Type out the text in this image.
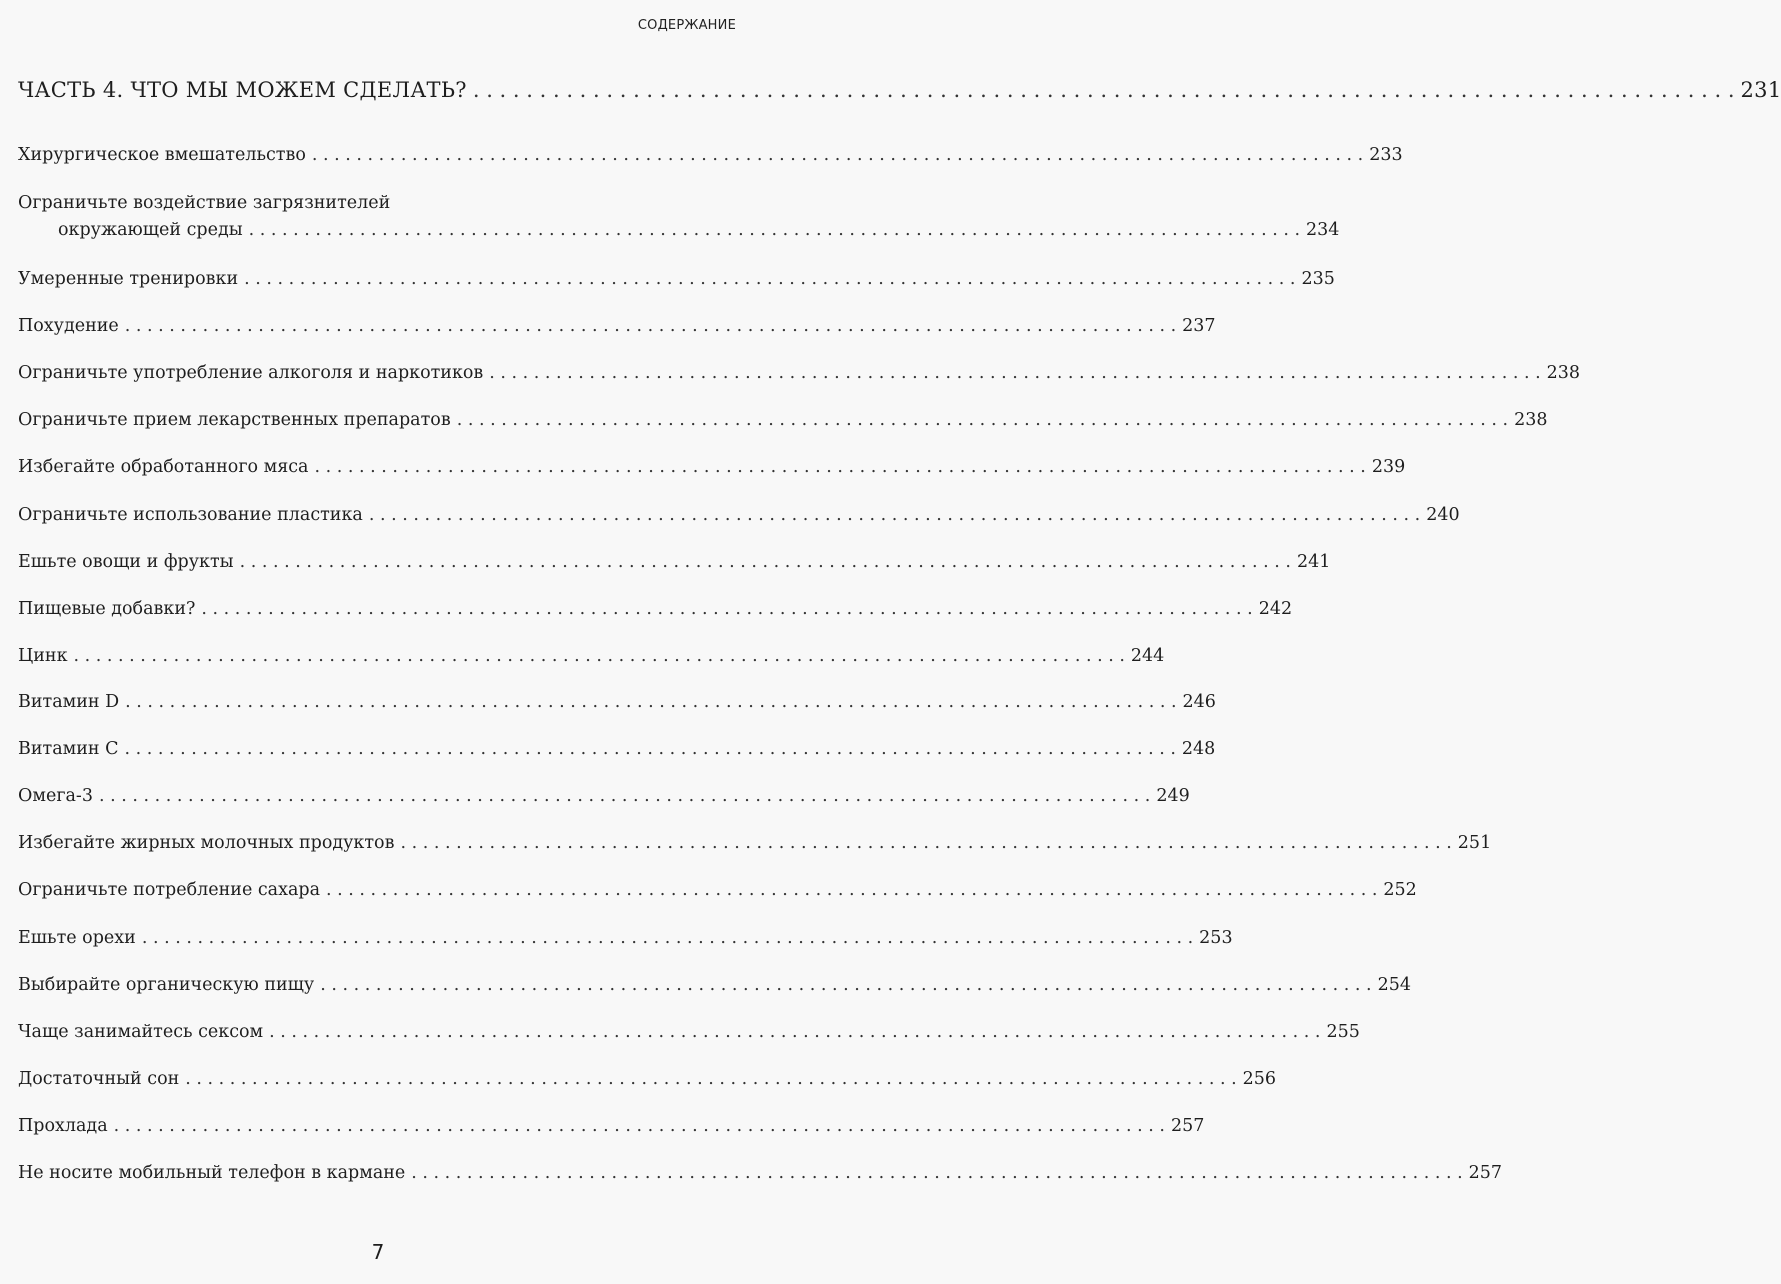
СОДЕРЖАНИЕ
ЧАСТЬ 4. ЧТО МЫ МОЖЕМ СДЕЛАТЬ? . . .	231
Хирургическое вмешательство . . .	233
Ограничьте воздействие загрязнителей
окружающей среды . . .	234
Умеренные тренировки . . .	235
Похудение . . .	237
Ограничьте употребление алкоголя и наркотиков . . .	238
Ограничьте прием лекарственных препаратов . . .	238
Избегайте обработанного мяса . . .	239
Ограничьте использование пластика . . .	240
Ешьте овощи и фрукты . . .	241
Пищевые добавки? . . .	242
Цинк . . .	244
Витамин D . . .	246
Витамин C . . .	248
Омега-3 . . .	249
Избегайте жирных молочных продуктов . . .	251
Ограничьте потребление сахара . . .	252
Ешьте орехи . . .	253
Выбирайте органическую пищу . . .	254
Чаще занимайтесь сексом . . .	255
Достаточный сон . . .	256
Прохлада . . .	257
Не носите мобильный телефон в кармане . . .	257
7
